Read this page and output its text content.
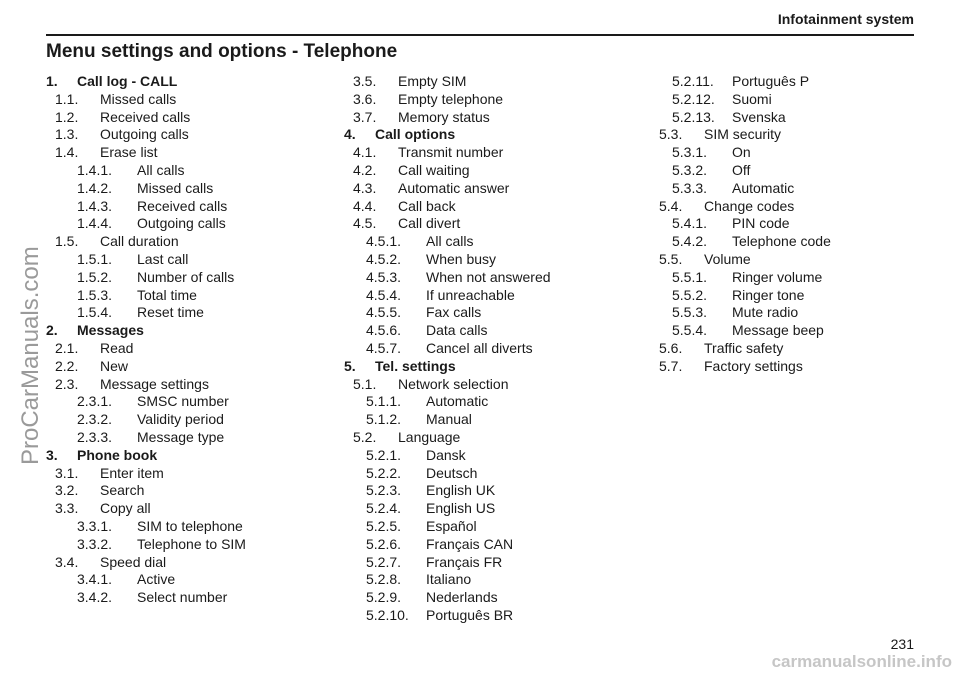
Infotainment system
Menu settings and options - Telephone
1. Call log - CALL
1.1. Missed calls
1.2. Received calls
1.3. Outgoing calls
1.4. Erase list
1.4.1. All calls
1.4.2. Missed calls
1.4.3. Received calls
1.4.4. Outgoing calls
1.5. Call duration
1.5.1. Last call
1.5.2. Number of calls
1.5.3. Total time
1.5.4. Reset time
2. Messages
2.1. Read
2.2. New
2.3. Message settings
2.3.1. SMSC number
2.3.2. Validity period
2.3.3. Message type
3. Phone book
3.1. Enter item
3.2. Search
3.3. Copy all
3.3.1. SIM to telephone
3.3.2. Telephone to SIM
3.4. Speed dial
3.4.1. Active
3.4.2. Select number
3.5. Empty SIM
3.6. Empty telephone
3.7. Memory status
4. Call options
4.1. Transmit number
4.2. Call waiting
4.3. Automatic answer
4.4. Call back
4.5. Call divert
4.5.1. All calls
4.5.2. When busy
4.5.3. When not answered
4.5.4. If unreachable
4.5.5. Fax calls
4.5.6. Data calls
4.5.7. Cancel all diverts
5. Tel. settings
5.1. Network selection
5.1.1. Automatic
5.1.2. Manual
5.2. Language
5.2.1. Dansk
5.2.2. Deutsch
5.2.3. English UK
5.2.4. English US
5.2.5. Español
5.2.6. Français CAN
5.2.7. Français FR
5.2.8. Italiano
5.2.9. Nederlands
5.2.10. Português BR
5.2.11. Português P
5.2.12. Suomi
5.2.13. Svenska
5.3. SIM security
5.3.1. On
5.3.2. Off
5.3.3. Automatic
5.4. Change codes
5.4.1. PIN code
5.4.2. Telephone code
5.5. Volume
5.5.1. Ringer volume
5.5.2. Ringer tone
5.5.3. Mute radio
5.5.4. Message beep
5.6. Traffic safety
5.7. Factory settings
ProCarManuals.com
231
carmanualsonline.info
